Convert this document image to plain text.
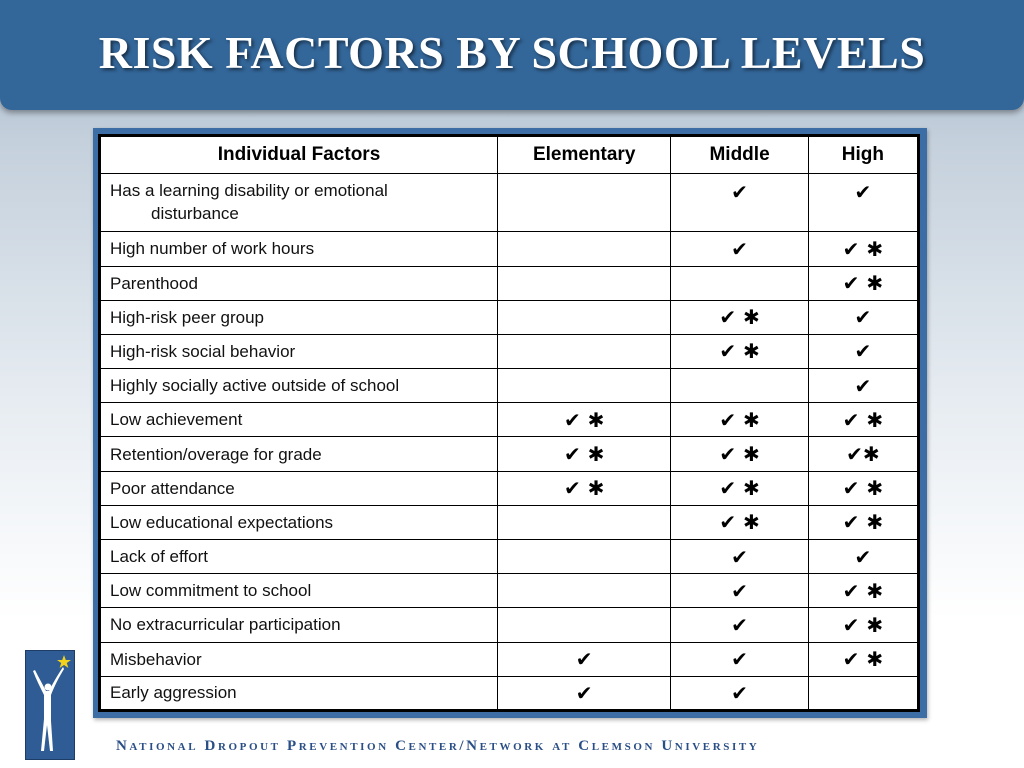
RISK FACTORS BY SCHOOL LEVELS
Individual Factors	Elementary	Middle	High
Has a learning disability or emotional
disturbance		✔	✔
High number of work hours		✔	✔ ✱
Parenthood			✔ ✱
High-risk peer group		✔ ✱	✔
High-risk social behavior		✔ ✱	✔
Highly socially active outside of school			✔
Low achievement	✔ ✱	✔ ✱	✔ ✱
Retention/overage for grade	✔ ✱	✔ ✱	✔✱
Poor attendance	✔ ✱	✔ ✱	✔ ✱
Low educational expectations		✔ ✱	✔ ✱
Lack of effort		✔	✔
Low commitment to school		✔	✔ ✱
No extracurricular participation		✔	✔ ✱
Misbehavior	✔	✔	✔ ✱
Early aggression	✔	✔	
National Dropout Prevention Center/Network at Clemson University
